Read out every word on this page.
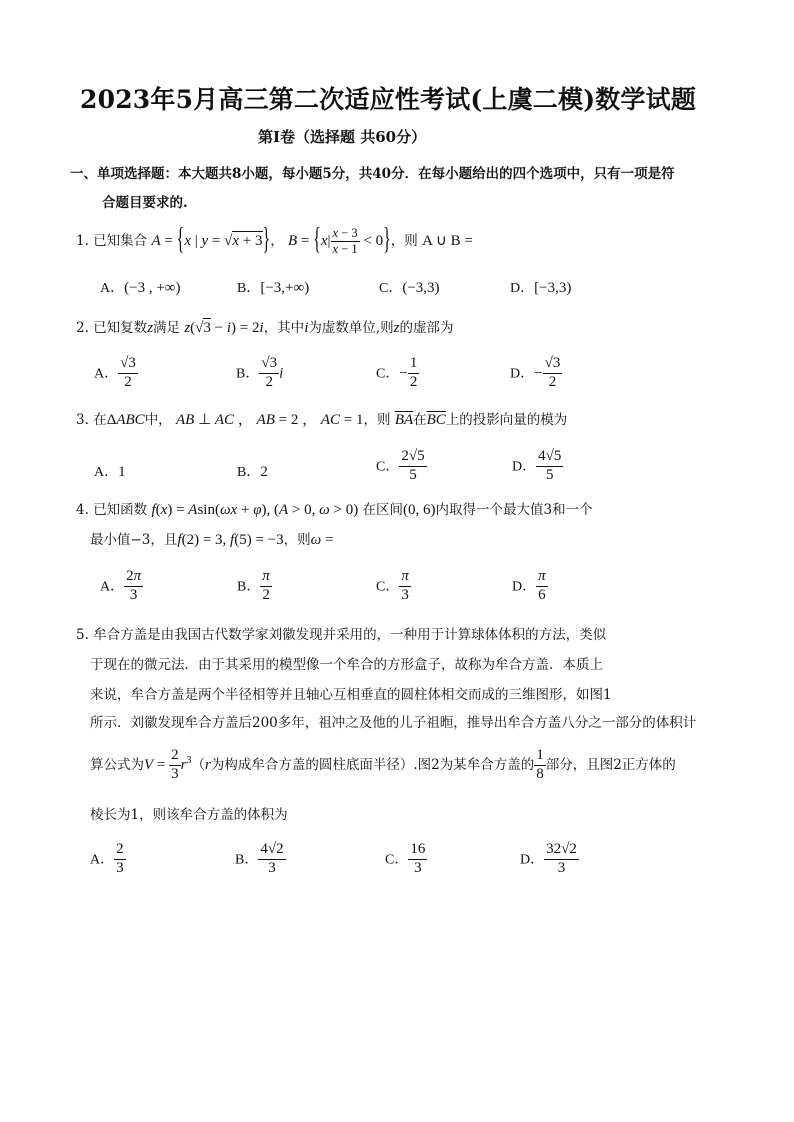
2023年5月高三第二次适应性考试(上虞二模)数学试题
第Ⅰ卷（选择题 共60分）
一、单项选择题：本大题共8小题，每小题5分，共40分．在每小题给出的四个选项中，只有一项是符
合题目要求的.
1. 已知集合 A = {x | y = √x + 3}， $B = \{x| \frac{x - 3}{x - 1} < 0\}$，则 A ∪ B =
A．(−3 , +∞)	B．[−3,+∞)	C．(−3,3)	D．[−3,3)
2. 已知复数z满足 z(√3 − i) = 2i，其中i为虚数单位,则z的虚部为
A． $\frac{√3}{2}$	B． $\frac{√3}{2}$ i	C．− $\frac{1}{2}$	D．− $\frac{√3}{2}$
3. 在ΔABC中， AB ⊥ AC ， AB = 2 ， AC = 1，则 $\overline{BA}$在$\overline{BC}$上的投影向量的模为
A．1	B．2	C． $\frac{2√5}{5}$	D． $\frac{4√5}{5}$
4. 已知函数 f(x) = Asin(ωx + φ), (A > 0, ω > 0) 在区间(0, 6)内取得一个最大值3和一个
最小值−3，且f(2) = 3, f(5) = −3，则ω =
A． $\frac{2\pi}{3}$	B． $\frac{\pi}{2}$	C． $\frac{\pi}{3}$	D． $\frac{\pi}{6}$
5. 牟合方盖是由我国古代数学家刘徽发现并采用的，一种用于计算球体体积的方法，类似
于现在的微元法．由于其采用的模型像一个牟合的方形盒子，故称为牟合方盖．本质上
来说，牟合方盖是两个半径相等并且轴心互相垂直的圆柱体相交而成的三维图形，如图1
所示．刘徽发现牟合方盖后200多年，祖冲之及他的儿子祖暅，推导出牟合方盖八分之一部分的体积计
算公式为$V = \frac{2}{3} r^3(r$为构成牟合方盖的圆柱底面半径）.图2为某牟合方盖的 $\frac{1}{8}$ 部分，且图2正方体的
棱长为1，则该牟合方盖的体积为
A． $\frac{2}{3}$	B． $\frac{4√2}{3}$	C． $\frac{16}{3}$	D． $\frac{32√2}{3}$
